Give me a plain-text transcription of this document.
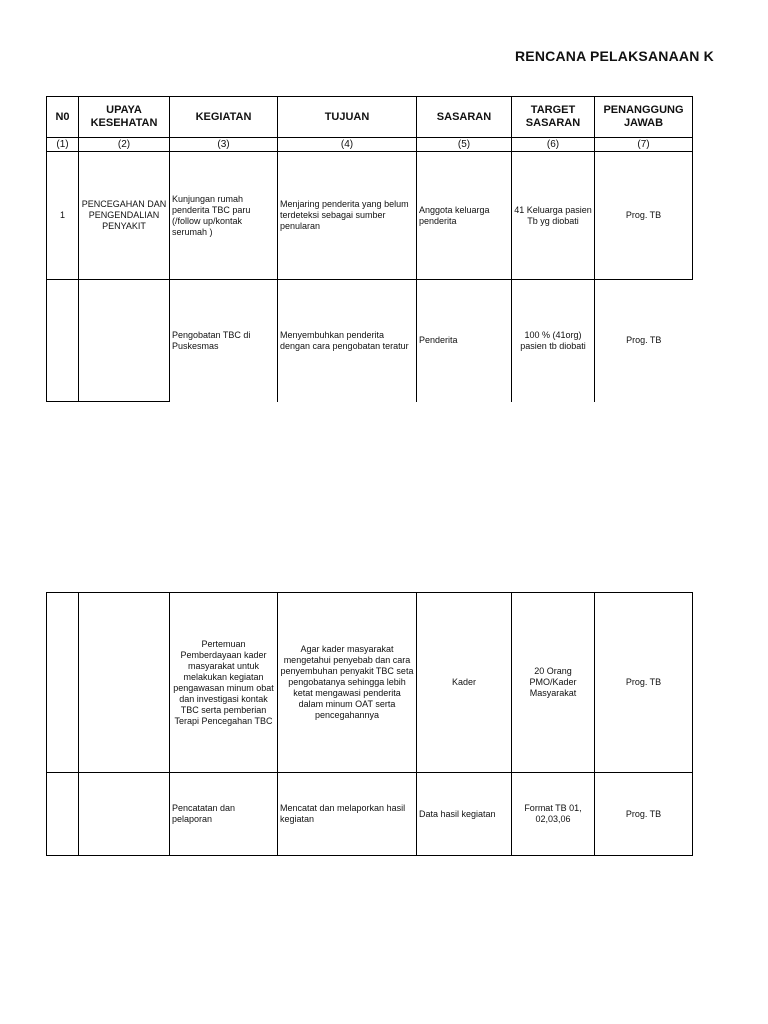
RENCANA PELAKSANAAN K
N0	UPAYA KESEHATAN	KEGIATAN	TUJUAN	SASARAN	TARGET SASARAN	PENANGGUNG JAWAB
(1)	(2)	(3)	(4)	(5)	(6)	(7)
1	PENCEGAHAN DAN PENGENDALIAN PENYAKIT	Kunjungan rumah penderita TBC paru (/follow up/kontak serumah )	Menjaring penderita yang belum terdeteksi sebagai sumber penularan	Anggota keluarga penderita	41 Keluarga pasien Tb yg diobati	Prog. TB
		Pengobatan TBC di Puskesmas	Menyembuhkan penderita dengan cara pengobatan teratur	Penderita	100 % (41org) pasien tb diobati	Prog. TB
		Pertemuan Pemberdayaan kader masyarakat untuk melakukan kegiatan pengawasan minum obat dan investigasi kontak TBC serta pemberian Terapi Pencegahan TBC	Agar kader masyarakat mengetahui penyebab dan cara penyembuhan penyakit TBC seta pengobatanya sehingga lebih ketat mengawasi penderita dalam minum OAT serta pencegahannya	Kader	20 Orang PMO/Kader Masyarakat	Prog. TB
		Pencatatan dan pelaporan	Mencatat dan melaporkan hasil kegiatan	Data hasil kegiatan	Format TB 01, 02,03,06	Prog. TB
